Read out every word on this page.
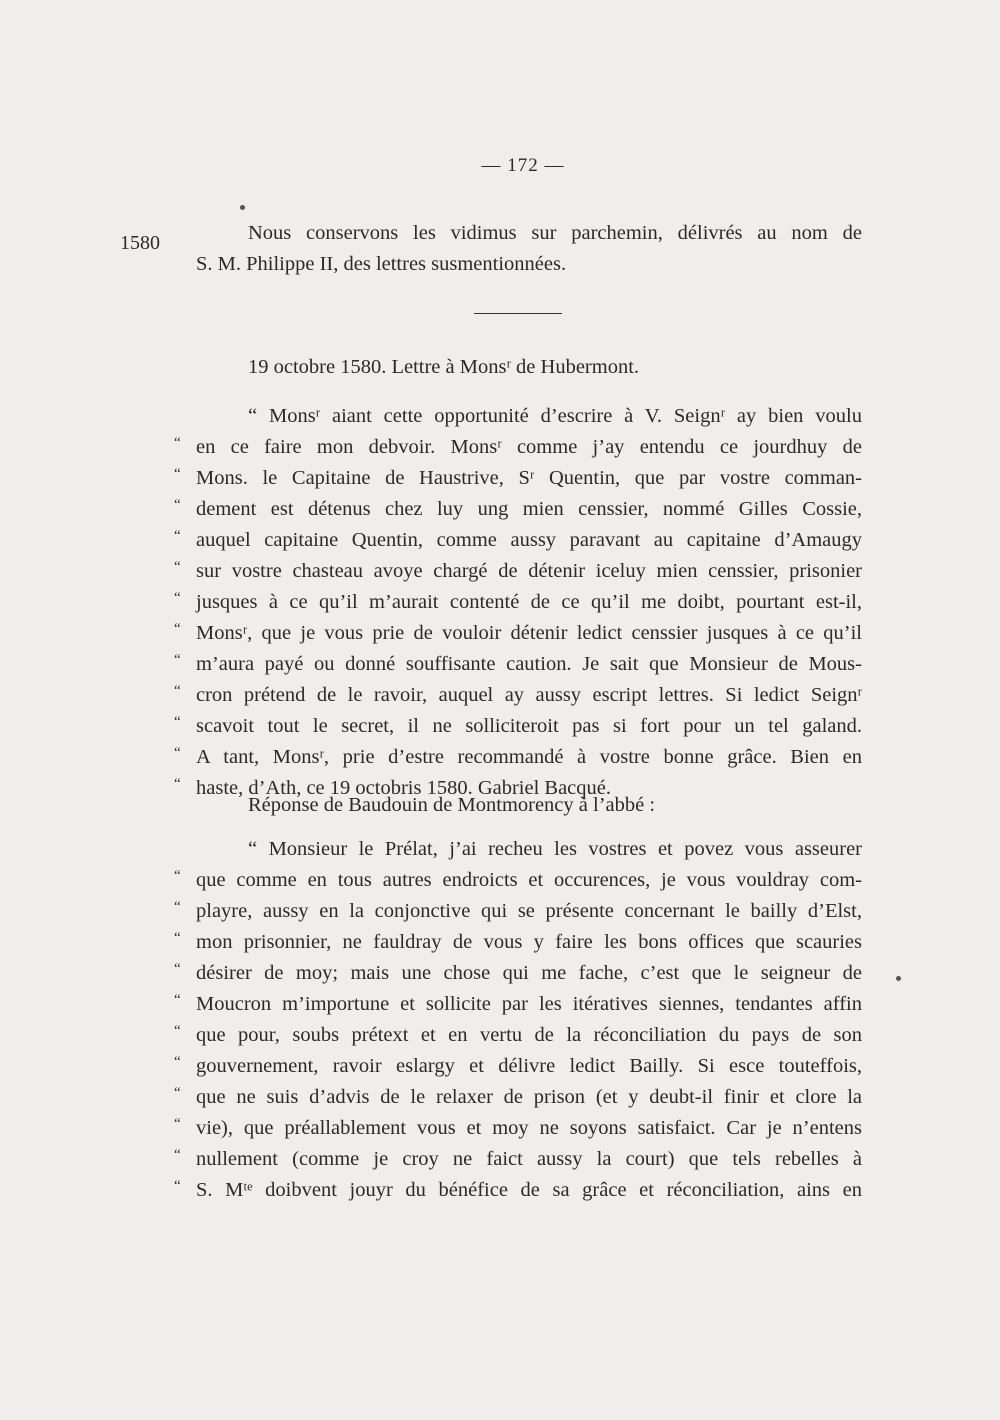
— 172 —
1580	Nous conservons les vidimus sur parchemin, délivrés au nom de
S. M. Philippe II, des lettres susmentionnées.
19 octobre 1580. Lettre à Monsʳ de Hubermont.
“ Monsʳ aiant cette opportunité d’escrire à V. Seignʳ ay bien voulu
“ en ce faire mon debvoir. Monsʳ comme j’ay entendu ce jourdhuy de
“ Mons. le Capitaine de Haustrive, Sʳ Quentin, que par vostre comman-
“ dement est détenus chez luy ung mien censsier, nommé Gilles Cossie,
“ auquel capitaine Quentin, comme aussy paravant au capitaine d’Amaugy
“ sur vostre chasteau avoye chargé de détenir iceluy mien censsier, prisonier
“ jusques à ce qu’il m’aurait contenté de ce qu’il me doibt, pourtant est-il,
“ Monsʳ, que je vous prie de vouloir détenir ledict censsier jusques à ce qu’il
“ m’aura payé ou donné souffisante caution. Je sait que Monsieur de Mous-
“ cron prétend de le ravoir, auquel ay aussy escript lettres. Si ledict Seignʳ
“ scavoit tout le secret, il ne solliciteroit pas si fort pour un tel galand.
“ A tant, Monsʳ, prie d’estre recommandé à vostre bonne grâce. Bien en
“ haste, d’Ath, ce 19 octobris 1580. Gabriel Bacqué.
Réponse de Baudouin de Montmorency à l’abbé :
“ Monsieur le Prélat, j’ai recheu les vostres et povez vous asseurer
“ que comme en tous autres endroicts et occurences, je vous vouldray com-
“ playre, aussy en la conjonctive qui se présente concernant le bailly d’Elst,
“ mon prisonnier, ne fauldray de vous y faire les bons offices que scauries
“ désirer de moy; mais une chose qui me fache, c’est que le seigneur de
“ Moucron m’importune et sollicite par les itératives siennes, tendantes affin
“ que pour, soubs prétext et en vertu de la réconciliation du pays de son
“ gouvernement, ravoir eslargy et délivre ledict Bailly. Si esce touteffois,
“ que ne suis d’advis de le relaxer de prison (et y deubt-il finir et clore la
“ vie), que préallablement vous et moy ne soyons satisfaict. Car je n’entens
“ nullement (comme je croy ne faict aussy la court) que tels rebelles à
“ S. Mᵗᵉ doibvent jouyr du bénéfice de sa grâce et réconciliation, ains en
